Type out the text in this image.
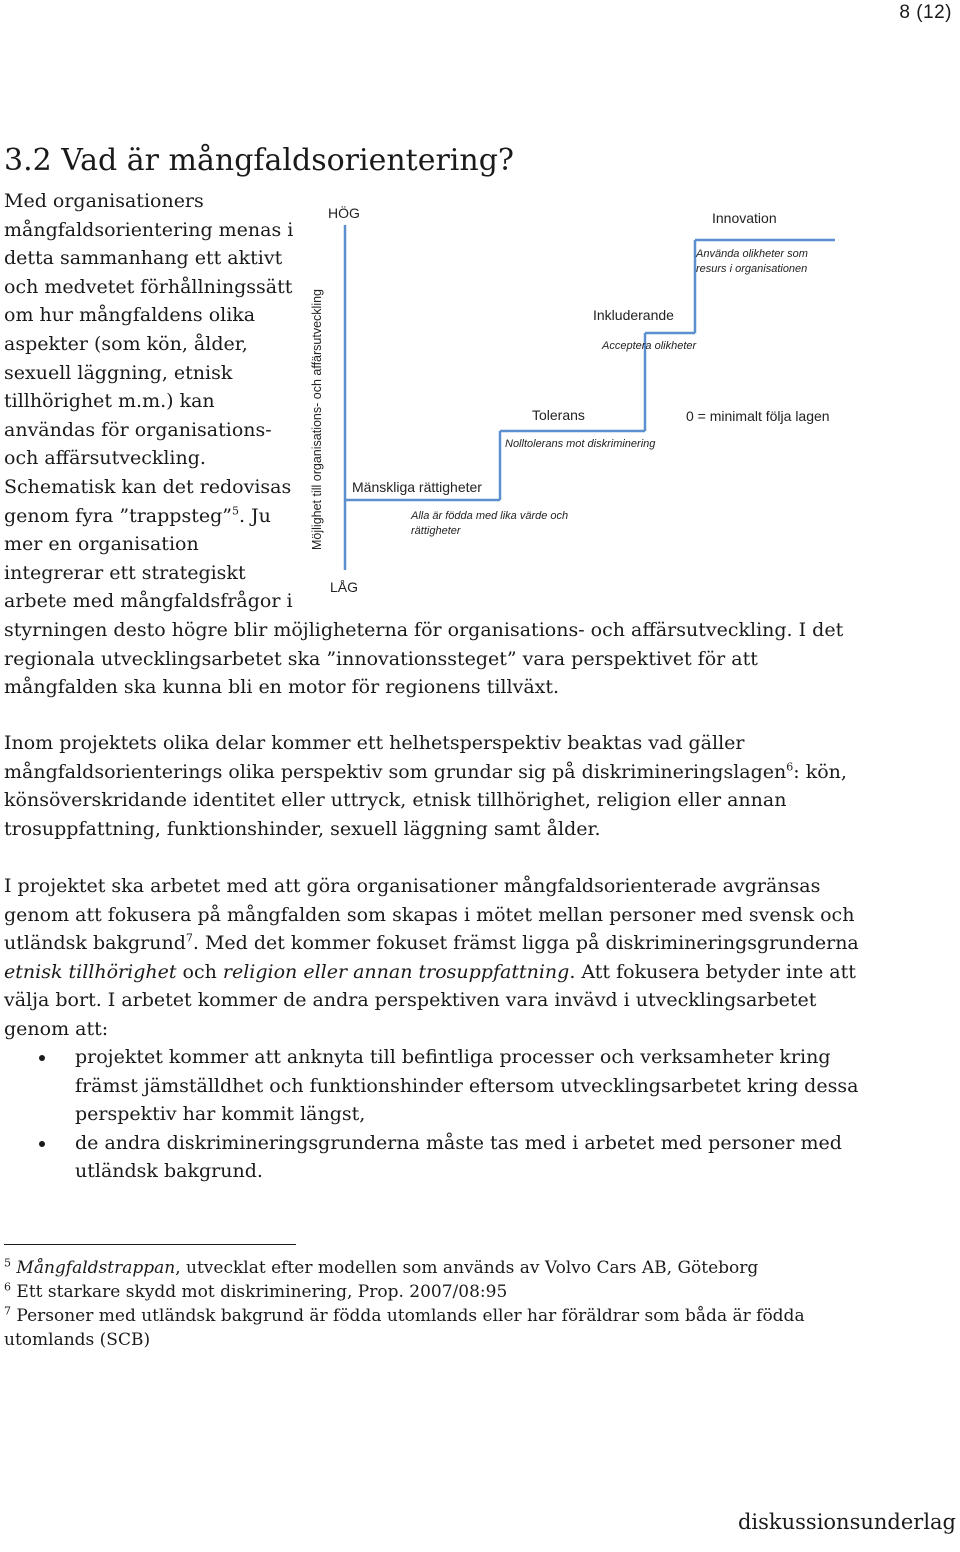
8 (12)
3.2 Vad är mångfaldsorientering?

Med organisationers mångfaldsorientering menas i detta sammanhang ett aktivt och medvetet förhållningssätt om hur mångfaldens olika aspekter (som kön, ålder, sexuell läggning, etnisk tillhörighet m.m.) kan användas för organisations- och affärsutveckling. Schematisk kan det redovisas genom fyra ”trappsteg”$^5$. Ju mer en organisation integrerar ett strategiskt arbete med mångfaldsfrågor i

Möjlighet till organisations- och affärsutveckling
HÖG
LÅG
Mänskliga rättigheter
Alla är födda med lika värde och rättigheter
Tolerans
Nolltolerans mot diskriminering
Inkluderande
Acceptera olikheter
Innovation
Använda olikheter som resurs i organisationen
0 = minimalt följa lagen

styrningen desto högre blir möjligheterna för organisations- och affärsutveckling. I det regionala utvecklingsarbetet ska ”innovationssteget” vara perspektivet för att mångfalden ska kunna bli en motor för regionens tillväxt.

Inom projektets olika delar kommer ett helhetsperspektiv beaktas vad gäller mångfaldsorienterings olika perspektiv som grundar sig på diskrimineringslagen$^6$: kön, könsöverskridande identitet eller uttryck, etnisk tillhörighet, religion eller annan trosuppfattning, funktionshinder, sexuell läggning samt ålder.

I projektet ska arbetet med att göra organisationer mångfaldsorienterade avgränsas genom att fokusera på mångfalden som skapas i mötet mellan personer med svensk och utländsk bakgrund$^7$. Med det kommer fokuset främst ligga på diskrimineringsgrunderna etnisk tillhörighet och religion eller annan trosuppfattning. Att fokusera betyder inte att välja bort. I arbetet kommer de andra perspektiven vara invävd i utvecklingsarbetet genom att:

projektet kommer att anknyta till befintliga processer och verksamheter kring främst jämställdhet och funktionshinder eftersom utvecklingsarbetet kring dessa perspektiv har kommit längst,
de andra diskrimineringsgrunderna måste tas med i arbetet med personer med utländsk bakgrund.
$^5$ Mångfaldstrappan, utvecklat efter modellen som används av Volvo Cars AB, Göteborg
$^6$ Ett starkare skydd mot diskriminering, Prop. 2007/08:95
$^7$ Personer med utländsk bakgrund är födda utomlands eller har föräldrar som båda är födda utomlands (SCB)
diskussionsunderlag
